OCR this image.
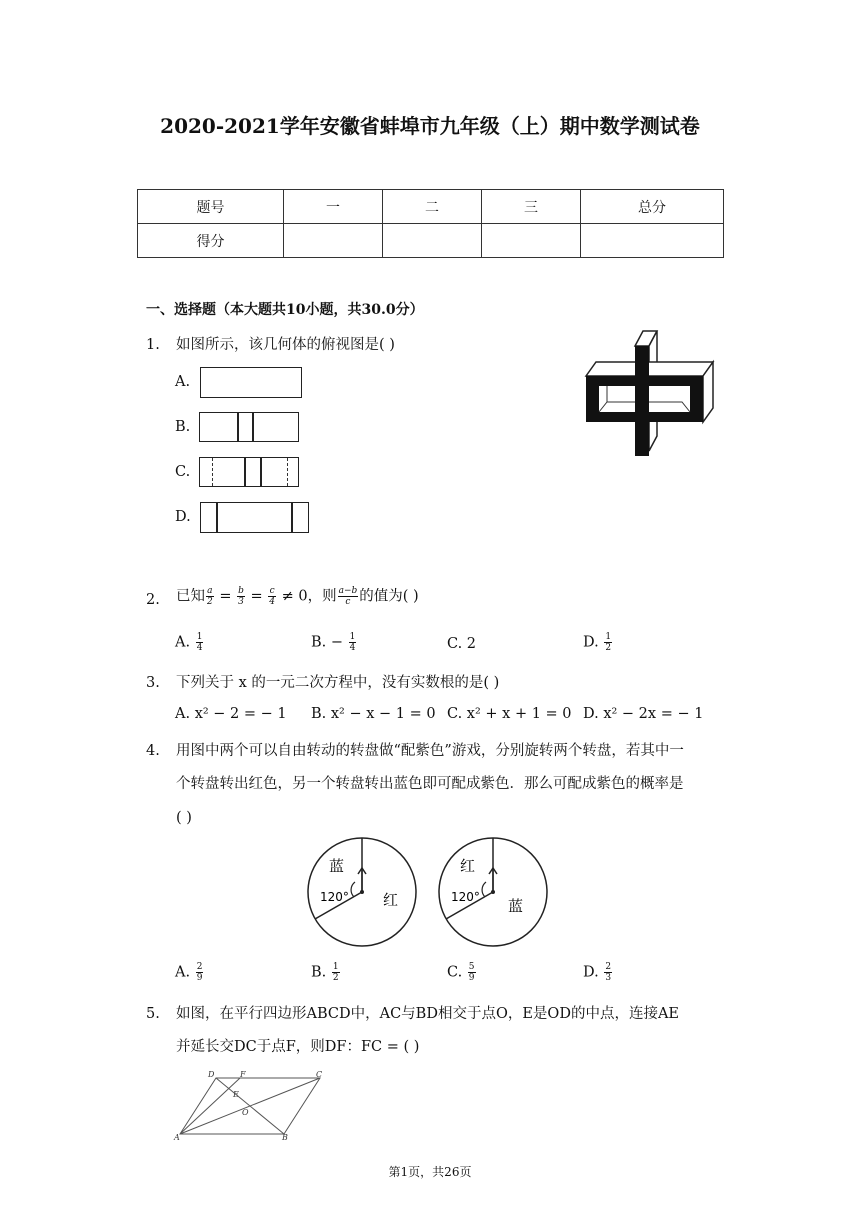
2020-2021学年安徽省蚌埠市九年级（上）期中数学测试卷
题号	一	二	三	总分
得分				
一、选择题（本大题共10小题，共30.0分）
1. 如图所示，该几何体的俯视图是( )
A.
B.
C.
D.
2. 已知 $\frac{a}{2} = \frac{b}{3} = \frac{c}{4} \ne 0$，则 $\frac{a-b}{c}$ 的值为( )
A. $\frac{1}{4}$	B. − $\frac{1}{4}$	C. 2	D. $\frac{1}{2}$
3. 下列关于 x 的一元二次方程中，没有实数根的是( )
A. x² − 2 = − 1 B. x² − x − 1 = 0 C. x² + x + 1 = 0 D. x² − 2x = − 1
4. 用图中两个可以自由转动的转盘做“配紫色”游戏，分别旋转两个转盘，若其中一
个转盘转出红色，另一个转盘转出蓝色即可配成紫色．那么可配成紫色的概率是
( )
蓝
120° 红
红
120° 蓝
A. $\frac{2}{9}$	B. $\frac{1}{2}$	C. $\frac{5}{9}$	D. $\frac{2}{3}$
5. 如图，在平行四边形ABCD中，AC与BD相交于点O，E是OD的中点，连接AE
并延长交DC于点F，则DF：FC = ( )
D	F	C
E
O
A	B
第1页，共26页
